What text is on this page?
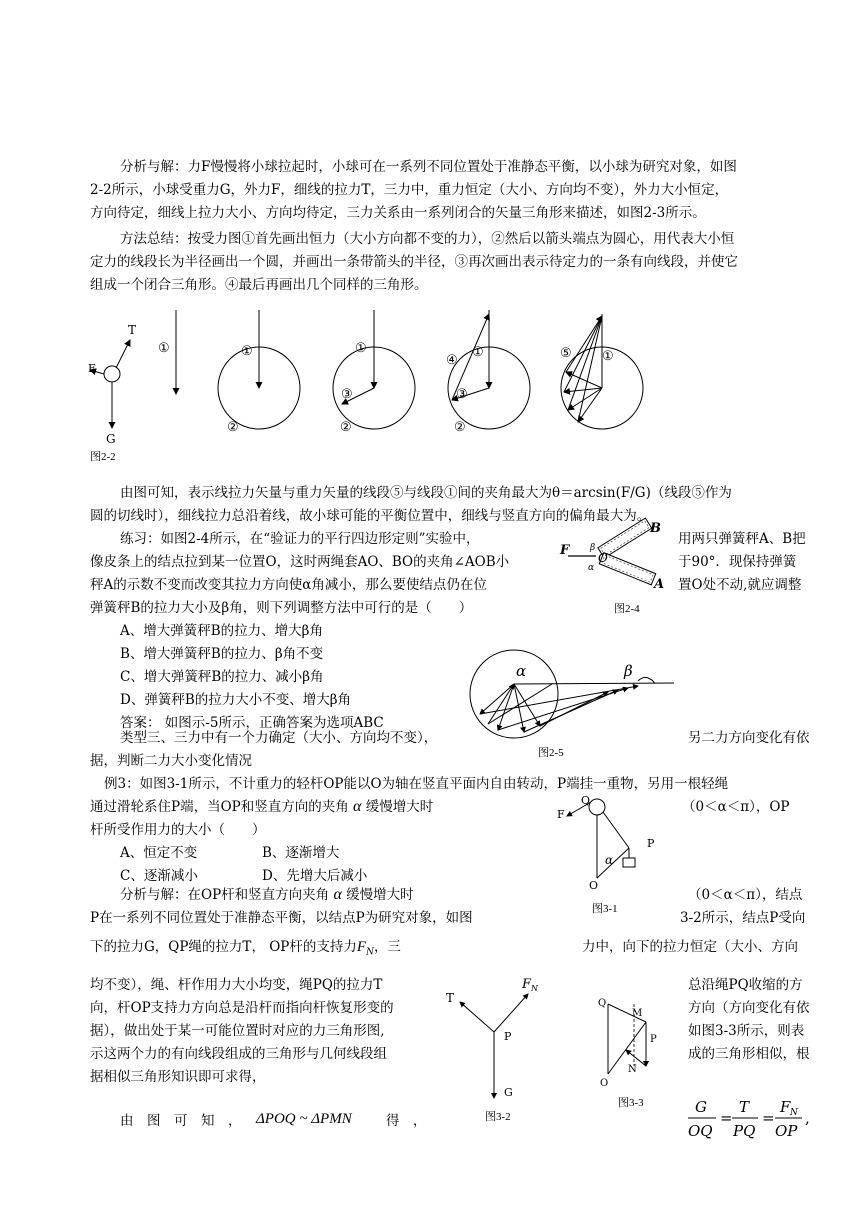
分析与解：力F慢慢将小球拉起时，小球可在一系列不同位置处于准静态平衡，以小球为研究对象，如图
2-2所示，小球受重力G，外力F，细线的拉力T，三力中，重力恒定（大小、方向均不变），外力大小恒定，
方向待定，细线上拉力大小、方向均待定，三力关系由一系列闭合的矢量三角形来描述，如图2-3所示。
方法总结：按受力图①首先画出恒力（大小方向都不变的力），②然后以箭头端点为圆心，用代表大小恒
定力的线段长为半径画出一个圆，并画出一条带箭头的半径，③再次画出表示待定力的一条有向线段，并使它
组成一个闭合三角形。④最后再画出几个同样的三角形。
T
F
G
①	①
②
①
③
②
④
①
③
②
⑤ ①
图2-2
由图可知，表示线拉力矢量与重力矢量的线段⑤与线段①间的夹角最大为θ＝arcsin(F/G)（线段⑤作为
圆的切线时），细线拉力总沿着线，故小球可能的平衡位置中，细线与竖直方向的偏角最大为。
练习：如图2-4所示，在“验证力的平行四边形定则”实验中，	用两只弹簧秤A、B把
像皮条上的结点拉到某一位置O，这时两绳套AO、BO的夹角∠AOB小	于90°．现保持弹簧
秤A的示数不变而改变其拉力方向使α角减小，那么要使结点仍在位	置O处不动,就应调整
弹簧秤B的拉力大小及β角，则下列调整方法中可行的是（　　）
A、增大弹簧秤B的拉力、增大β角
B、增大弹簧秤B的拉力、β角不变
C、增大弹簧秤B的拉力、减小β角
D、弹簧秤B的拉力大小不变、增大β角
答案： 如图示-5所示，正确答案为选项ABC
F
B
A
O
α
β
图2-4
α	β
图2-5
类型三、三力中有一个力确定（大小、方向均不变），	另二力方向变化有依
据，判断二力大小变化情况
例3：如图3-1所示，不计重力的轻杆OP能以O为轴在竖直平面内自由转动，P端挂一重物，另用一根轻绳
通过滑轮系住P端，当OP和竖直方向的夹角 α 缓慢增大时	（0＜α＜π），OP
杆所受作用力的大小（　　）
A、恒定不变	B、逐渐增大
C、逐渐减小	D、先增大后减小
Q
F
P
O
α
图3-1
分析与解：在OP杆和竖直方向夹角 α 缓慢增大时	（0＜α＜π），结点
P在一系列不同位置处于准静态平衡，以结点P为研究对象，如图	3-2所示，结点P受向
下的拉力G，QP绳的拉力T， OP杆的支持力$F_N$，三	力中，向下的拉力恒定（大小、方向
均不变），绳、杆作用力大小均变，绳PQ的拉力T	总沿绳PQ收缩的方
向，杆OP支持力方向总是沿杆而指向杆恢复形变的	方向（方向变化有依
据），做出处于某一可能位置时对应的力三角形图,	如图3-3所示，则表
示这两个力的有向线段组成的三角形与几何线段组	成的三角形相似，根
据相似三角形知识即可求得，
由　图　可　知　， ΔPOQ ~ ΔPMN	得　，
G
OQ
=
T
PQ
=
F N
OP
,
T
F N
P
G
图3-2
Q
M
P
N
O
图3-3
